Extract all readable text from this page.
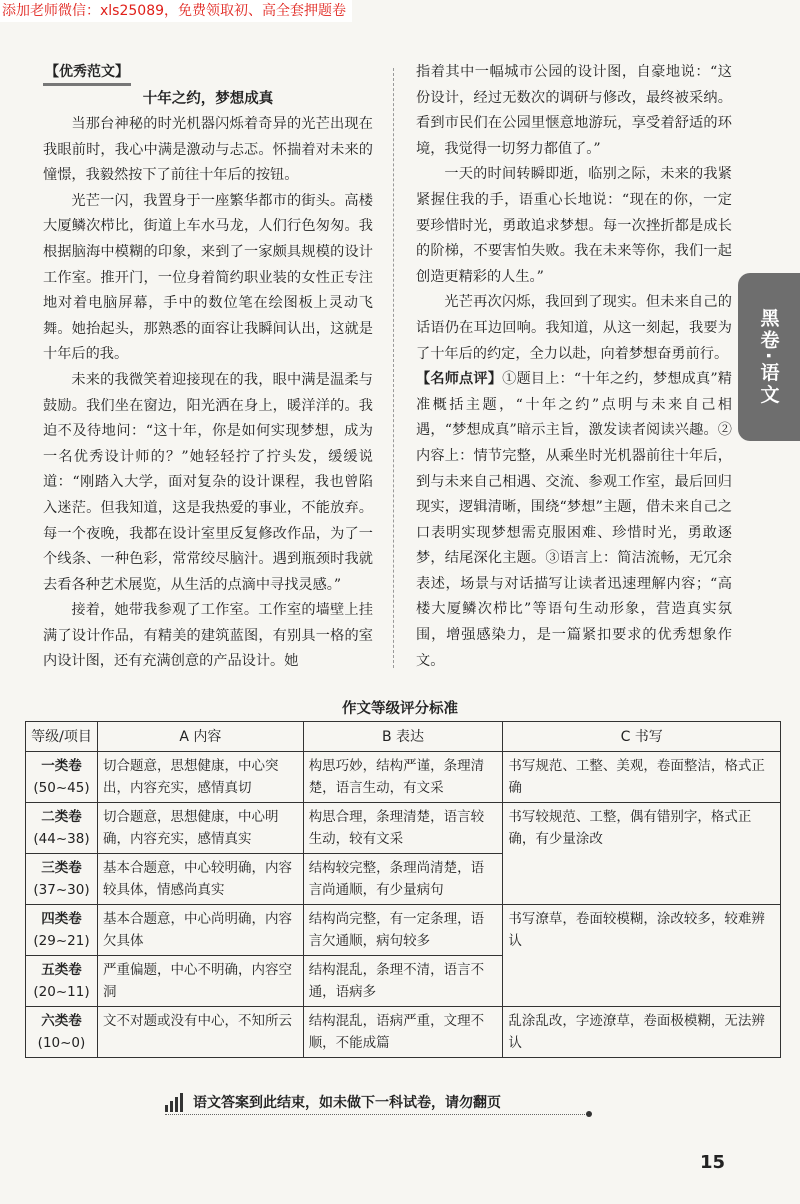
添加老师微信：xls25089，免费领取初、高全套押题卷
【优秀范文】
十年之约，梦想成真

当那台神秘的时光机器闪烁着奇异的光芒出现在我眼前时，我心中满是激动与忐忑。怀揣着对未来的憧憬，我毅然按下了前往十年后的按钮。

光芒一闪，我置身于一座繁华都市的街头。高楼大厦鳞次栉比，街道上车水马龙，人们行色匆匆。我根据脑海中模糊的印象，来到了一家颇具规模的设计工作室。推开门，一位身着简约职业装的女性正专注地对着电脑屏幕，手中的数位笔在绘图板上灵动飞舞。她抬起头，那熟悉的面容让我瞬间认出，这就是十年后的我。

未来的我微笑着迎接现在的我，眼中满是温柔与鼓励。我们坐在窗边，阳光洒在身上，暖洋洋的。我迫不及待地问：“这十年，你是如何实现梦想，成为一名优秀设计师的？”她轻轻拧了拧头发，缓缓说道：“刚踏入大学，面对复杂的设计课程，我也曾陷入迷茫。但我知道，这是我热爱的事业，不能放弃。每一个夜晚，我都在设计室里反复修改作品，为了一个线条、一种色彩，常常绞尽脑汁。遇到瓶颈时我就去看各种艺术展览，从生活的点滴中寻找灵感。”

接着，她带我参观了工作室。工作室的墙壁上挂满了设计作品，有精美的建筑蓝图，有别具一格的室内设计图，还有充满创意的产品设计。她

指着其中一幅城市公园的设计图，自豪地说：“这份设计，经过无数次的调研与修改，最终被采纳。看到市民们在公园里惬意地游玩，享受着舒适的环境，我觉得一切努力都值了。”

一天的时间转瞬即逝，临别之际，未来的我紧紧握住我的手，语重心长地说：“现在的你，一定要珍惜时光，勇敢追求梦想。每一次挫折都是成长的阶梯，不要害怕失败。我在未来等你，我们一起创造更精彩的人生。”

光芒再次闪烁，我回到了现实。但未来自己的话语仍在耳边回响。我知道，从这一刻起，我要为了十年后的约定，全力以赴，向着梦想奋勇前行。

【名师点评】①题目上：“十年之约，梦想成真”精准概括主题，“十年之约”点明与未来自己相遇，“梦想成真”暗示主旨，激发读者阅读兴趣。②内容上：情节完整，从乘坐时光机器前往十年后，到与未来自己相遇、交流、参观工作室，最后回归现实，逻辑清晰，围绕“梦想”主题，借未来自己之口表明实现梦想需克服困难、珍惜时光，勇敢逐梦，结尾深化主题。③语言上：简洁流畅，无冗余表述，场景与对话描写让读者迅速理解内容；“高楼大厦鳞次栉比”等语句生动形象，营造真实氛围，增强感染力，是一篇紧扣要求的优秀想象作文。

黑卷·语文
作文等级评分标准
等级/项目	A 内容	B 表达	C 书写
一类卷
(50~45)	切合题意，思想健康，中心突出，内容充实，感情真切	构思巧妙，结构严谨，条理清楚，语言生动，有文采	书写规范、工整、美观，卷面整洁，格式正确
二类卷
(44~38)	切合题意，思想健康，中心明确，内容充实，感情真实	构思合理，条理清楚，语言较生动，较有文采	书写较规范、工整，偶有错别字，格式正确，有少量涂改
三类卷
(37~30)	基本合题意，中心较明确，内容较具体，情感尚真实	结构较完整，条理尚清楚，语言尚通顺，有少量病句	
四类卷
(29~21)	基本合题意，中心尚明确，内容欠具体	结构尚完整，有一定条理，语言欠通顺，病句较多	书写潦草，卷面较模糊，涂改较多，较难辨认
五类卷
(20~11)	严重偏题，中心不明确，内容空洞	结构混乱，条理不清，语言不通，语病多	
六类卷
(10~0)	文不对题或没有中心，不知所云	结构混乱，语病严重，文理不顺，不能成篇	乱涂乱改，字迹潦草，卷面极模糊，无法辨认
语文答案到此结束，如未做下一科试卷，请勿翻页
15
